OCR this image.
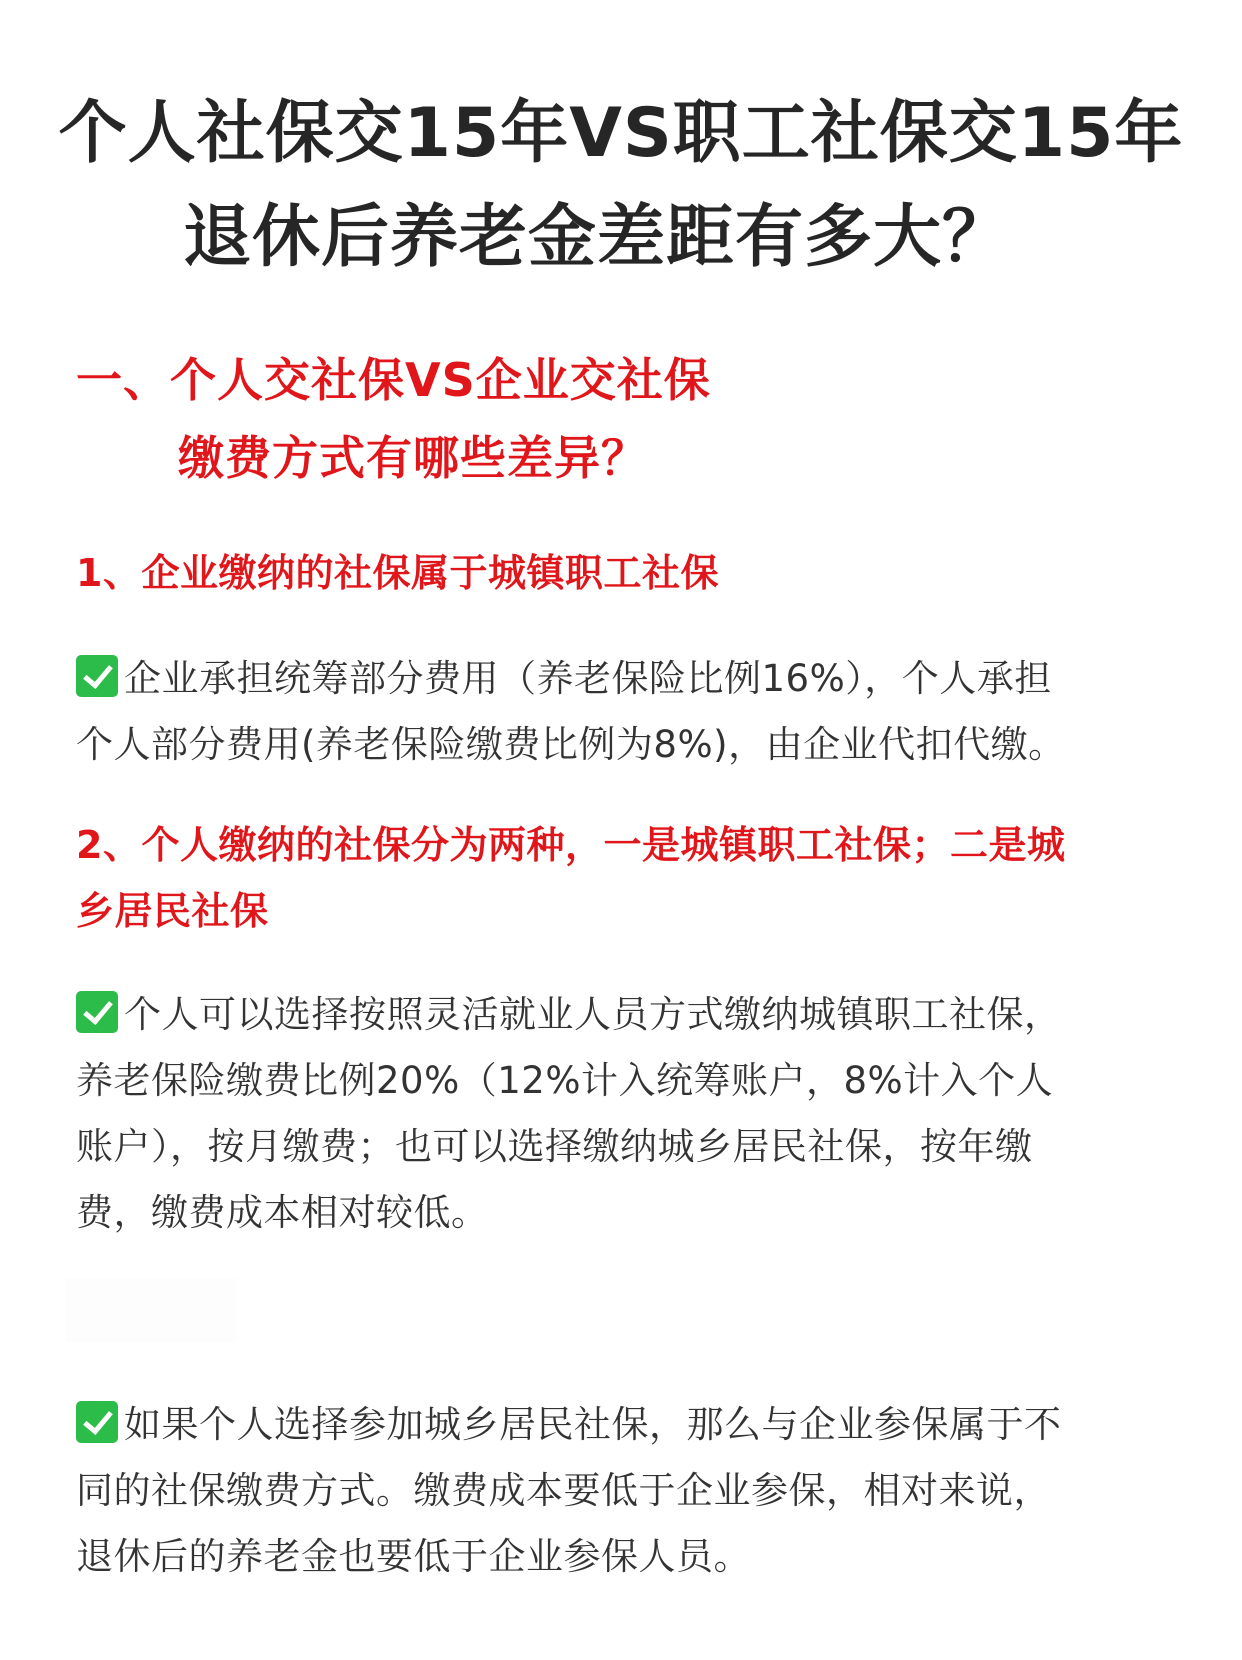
个人社保交15年VS职工社保交15年
退休后养老金差距有多大？
一、个人交社保VS企业交社保
缴费方式有哪些差异？
1、企业缴纳的社保属于城镇职工社保
企业承担统筹部分费用（养老保险比例16%），个人承担
个人部分费用(养老保险缴费比例为8%)，由企业代扣代缴。
2、个人缴纳的社保分为两种，一是城镇职工社保；二是城
乡居民社保
个人可以选择按照灵活就业人员方式缴纳城镇职工社保，
养老保险缴费比例20%（12%计入统筹账户，8%计入个人
账户），按月缴费；也可以选择缴纳城乡居民社保，按年缴
费，缴费成本相对较低。
如果个人选择参加城乡居民社保，那么与企业参保属于不
同的社保缴费方式。缴费成本要低于企业参保，相对来说，
退休后的养老金也要低于企业参保人员。
